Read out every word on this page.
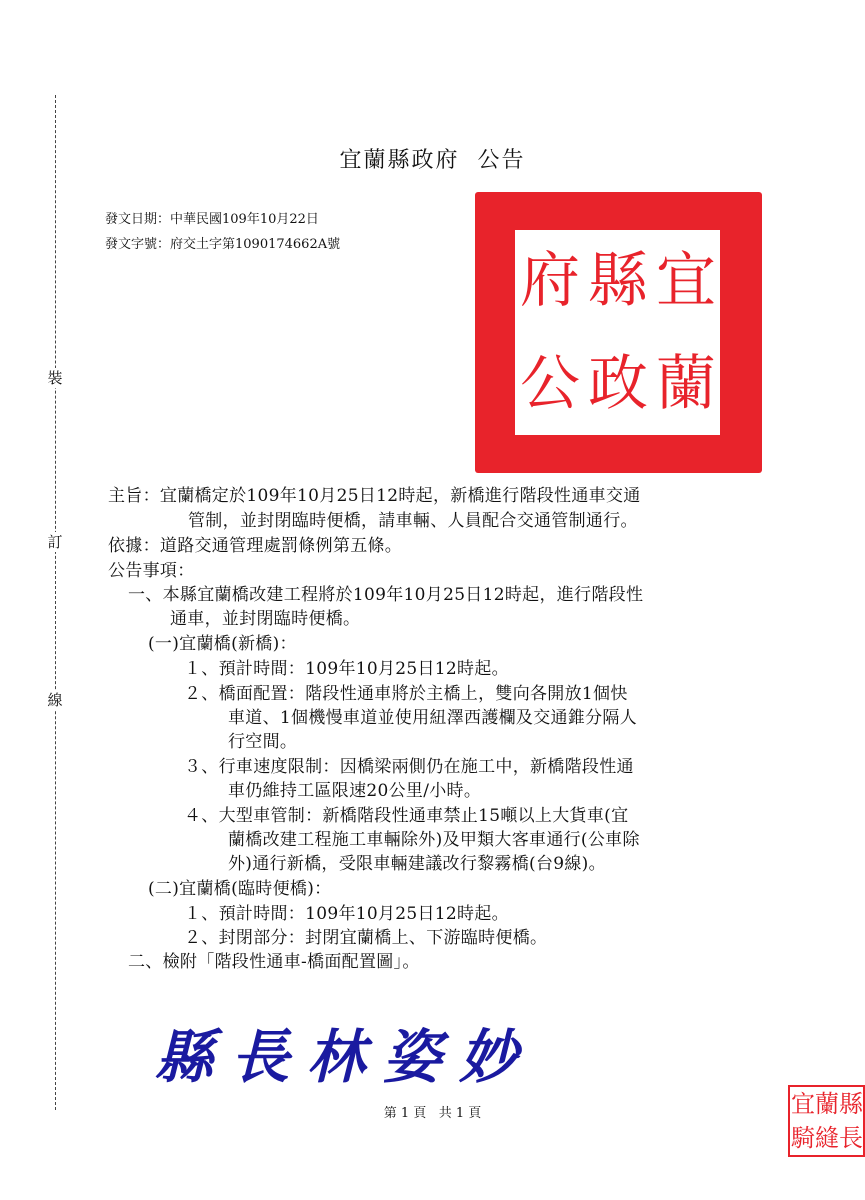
裝
訂
線
宜蘭縣政府  公告
發文日期：中華民國109年10月22日
發文字號：府交土字第1090174662A號
宜
縣
府
蘭
政
公
主旨：宜蘭橋定於109年10月25日12時起，新橋進行階段性通車交通
管制，並封閉臨時便橋，請車輛、人員配合交通管制通行。
依據：道路交通管理處罰條例第五條。
公告事項：
一、本縣宜蘭橋改建工程將於109年10月25日12時起，進行階段性
通車，並封閉臨時便橋。
(一)宜蘭橋(新橋)：
１、預計時間：109年10月25日12時起。
２、橋面配置：階段性通車將於主橋上，雙向各開放1個快
車道、1個機慢車道並使用紐澤西護欄及交通錐分隔人
行空間。
３、行車速度限制：因橋梁兩側仍在施工中，新橋階段性通
車仍維持工區限速20公里/小時。
４、大型車管制：新橋階段性通車禁止15噸以上大貨車(宜
蘭橋改建工程施工車輛除外)及甲類大客車通行(公車除
外)通行新橋，受限車輛建議改行黎霧橋(台9線)。
(二)宜蘭橋(臨時便橋)：
１、預計時間：109年10月25日12時起。
２、封閉部分：封閉宜蘭橋上、下游臨時便橋。
二、檢附「階段性通車-橋面配置圖」。
縣長林姿妙
第 1 頁   共 1 頁	縣
蘭
宜
長
縫
騎
